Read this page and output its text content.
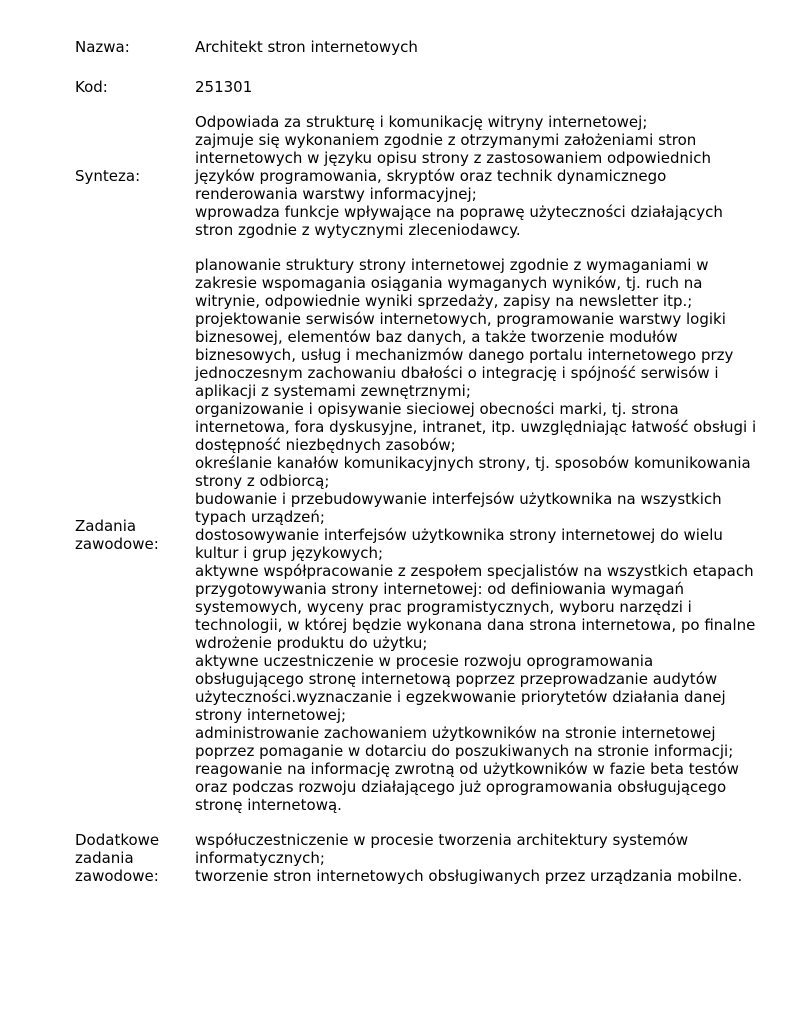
Nazwa:	Architekt stron internetowych
Kod:	251301
Synteza:
Odpowiada za strukturę i komunikację witryny internetowej;
zajmuje się wykonaniem zgodnie z otrzymanymi założeniami stron internetowych w języku opisu strony z zastosowaniem odpowiednich języków programowania, skryptów oraz technik dynamicznego renderowania warstwy informacyjnej;
wprowadza funkcje wpływające na poprawę użyteczności działających stron zgodnie z wytycznymi zleceniodawcy.
Zadania
zawodowe:
planowanie struktury strony internetowej zgodnie z wymaganiami w zakresie wspomagania osiągania wymaganych wyników, tj. ruch na witrynie, odpowiednie wyniki sprzedaży, zapisy na newsletter itp.;
projektowanie serwisów internetowych, programowanie warstwy logiki biznesowej, elementów baz danych, a także tworzenie modułów biznesowych, usług i mechanizmów danego portalu internetowego przy jednoczesnym zachowaniu dbałości o integrację i spójność serwisów i aplikacji z systemami zewnętrznymi;
organizowanie i opisywanie sieciowej obecności marki, tj. strona internetowa, fora dyskusyjne, intranet, itp. uwzględniając łatwość obsługi i dostępność niezbędnych zasobów;
określanie kanałów komunikacyjnych strony, tj. sposobów komunikowania strony z odbiorcą;
budowanie i przebudowywanie interfejsów użytkownika na wszystkich typach urządzeń;
dostosowywanie interfejsów użytkownika strony internetowej do wielu kultur i grup językowych;
aktywne współpracowanie z zespołem specjalistów na wszystkich etapach przygotowywania strony internetowej: od definiowania wymagań systemowych, wyceny prac programistycznych, wyboru narzędzi i technologii, w której będzie wykonana dana strona internetowa, po finalne wdrożenie produktu do użytku;
aktywne uczestniczenie w procesie rozwoju oprogramowania obsługującego stronę internetową poprzez przeprowadzanie audytów użyteczności.wyznaczanie i egzekwowanie priorytetów działania danej strony internetowej;
administrowanie zachowaniem użytkowników na stronie internetowej poprzez pomaganie w dotarciu do poszukiwanych na stronie informacji;
reagowanie na informację zwrotną od użytkowników w fazie beta testów oraz podczas rozwoju działającego już oprogramowania obsługującego stronę internetową.
Dodatkowe
zadania
zawodowe:
współuczestniczenie w procesie tworzenia architektury systemów informatycznych;
tworzenie stron internetowych obsługiwanych przez urządzania mobilne.
